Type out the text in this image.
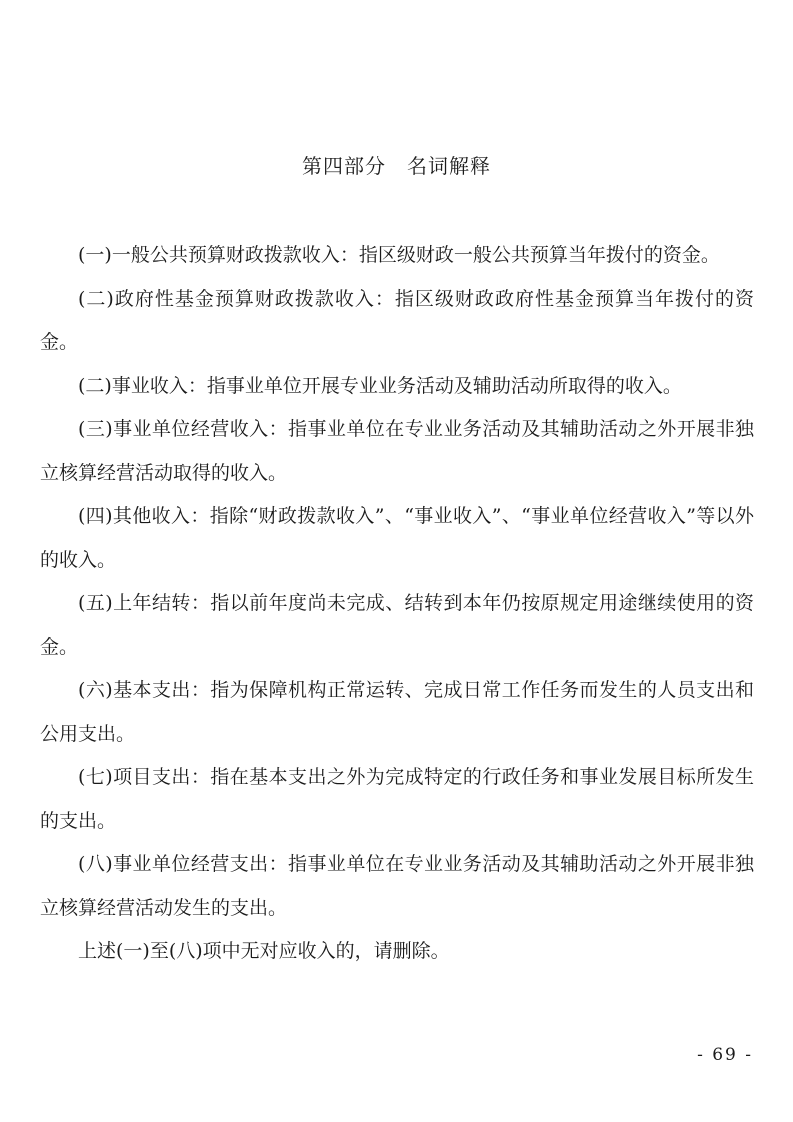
第四部分　名词解释

(一)一般公共预算财政拨款收入：指区级财政一般公共预算当年拨付的资金。

(二)政府性基金预算财政拨款收入：指区级财政政府性基金预算当年拨付的资金。

(二)事业收入：指事业单位开展专业业务活动及辅助活动所取得的收入。

(三)事业单位经营收入：指事业单位在专业业务活动及其辅助活动之外开展非独立核算经营活动取得的收入。

(四)其他收入：指除“财政拨款收入”、“事业收入”、“事业单位经营收入”等以外的收入。

(五)上年结转：指以前年度尚未完成、结转到本年仍按原规定用途继续使用的资金。

(六)基本支出：指为保障机构正常运转、完成日常工作任务而发生的人员支出和公用支出。

(七)项目支出：指在基本支出之外为完成特定的行政任务和事业发展目标所发生的支出。

(八)事业单位经营支出：指事业单位在专业业务活动及其辅助活动之外开展非独立核算经营活动发生的支出。

上述(一)至(八)项中无对应收入的，请删除。

- 69 -
